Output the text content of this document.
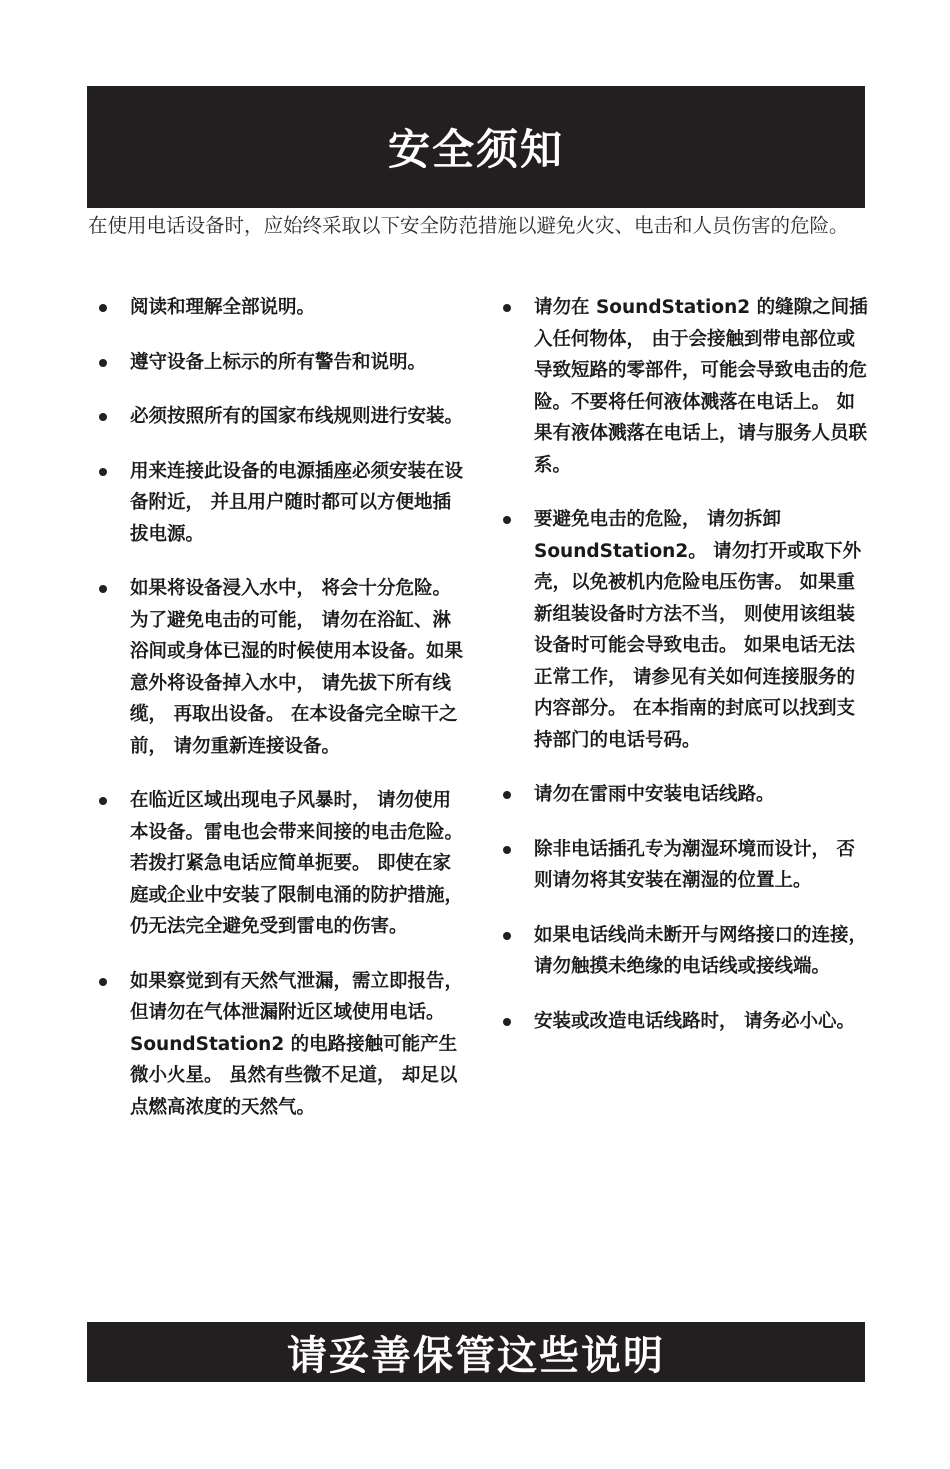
安全须知
在使用电话设备时，应始终采取以下安全防范措施以避免火灾、电击和人员伤害的危险。
阅读和理解全部说明。
遵守设备上标示的所有警告和说明。
必须按照所有的国家布线规则进行安装。
用来连接此设备的电源插座必须安装在设备附近， 并且用户随时都可以方便地插拔电源。
如果将设备浸入水中， 将会十分危险。为了避免电击的可能， 请勿在浴缸、淋浴间或身体已湿的时候使用本设备。如果意外将设备掉入水中， 请先拔下所有线缆， 再取出设备。 在本设备完全晾干之前， 请勿重新连接设备。
在临近区域出现电子风暴时， 请勿使用本设备。雷电也会带来间接的电击危险。若拨打紧急电话应简单扼要。 即使在家庭或企业中安装了限制电涌的防护措施， 仍无法完全避免受到雷电的伤害。
如果察觉到有天然气泄漏，需立即报告，但请勿在气体泄漏附近区域使用电话。SoundStation2 的电路接触可能产生微小火星。 虽然有些微不足道， 却足以点燃高浓度的天然气。
请勿在 SoundStation2 的缝隙之间插入任何物体， 由于会接触到带电部位或导致短路的零部件，可能会导致电击的危险。不要将任何液体溅落在电话上。 如果有液体溅落在电话上，请与服务人员联系。
要避免电击的危险， 请勿拆卸 SoundStation2。 请勿打开或取下外壳，以免被机内危险电压伤害。 如果重新组装设备时方法不当， 则使用该组装设备时可能会导致电击。 如果电话无法正常工作， 请参见有关如何连接服务的内容部分。 在本指南的封底可以找到支持部门的电话号码。
请勿在雷雨中安装电话线路。
除非电话插孔专为潮湿环境而设计， 否则请勿将其安装在潮湿的位置上。
如果电话线尚未断开与网络接口的连接，请勿触摸未绝缘的电话线或接线端。
安装或改造电话线路时， 请务必小心。
请妥善保管这些说明
